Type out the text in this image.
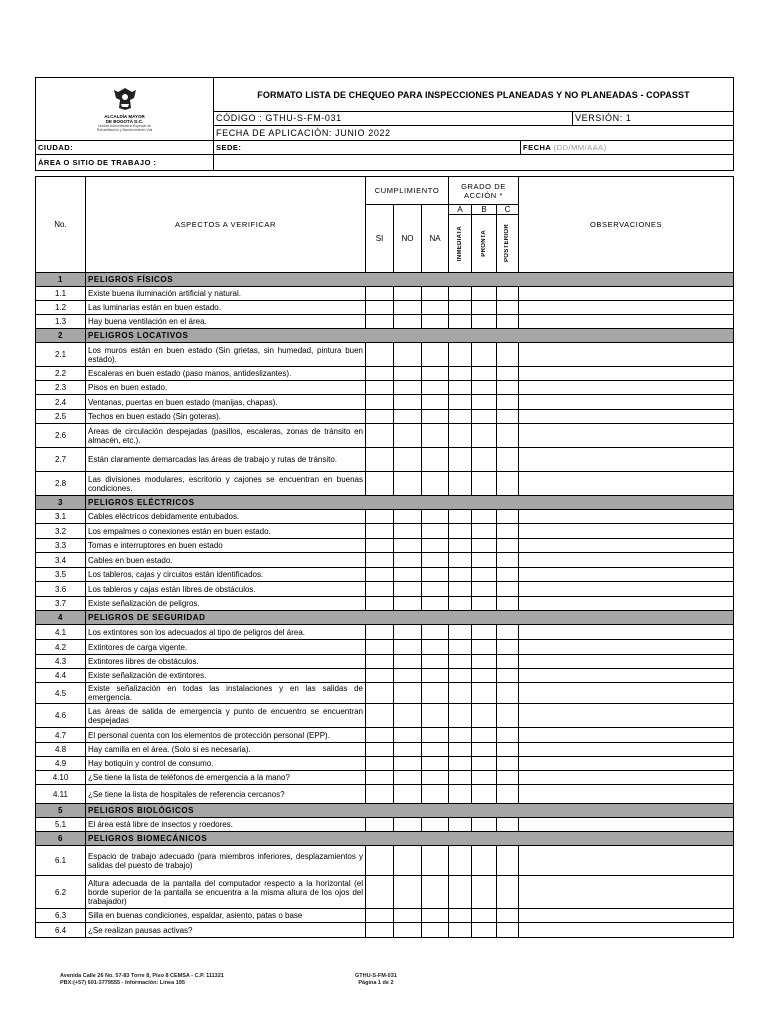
ALCALDÍA MAYOR
DE BOGOTÁ D.C.
Unidad Administrativa Especial de
Rehabilitación y Mantenimiento Vial	FORMATO LISTA DE CHEQUEO PARA INSPECCIONES PLANEADAS Y NO PLANEADAS - COPASST	
	CÓDIGO : GTHU-S-FM-031	VERSIÓN: 1
	FECHA DE APLICACIÓN: JUNIO 2022	
CIUDAD:	SEDE:	FECHA (DD/MM/AAA)
ÁREA O SITIO DE TRABAJO :		
No.	ASPECTOS A VERIFICAR	CUMPLIMIENTO			GRADO DE ACCIÓN *			OBSERVACIONES
		SI	NO	NA	A	B	C	

					INMEDIATA	PRONTA	POSTERIOR	

1	PELIGROS FÍSICOS							
1.1	Existe buena iluminación artificial y natural.							
1.2	Las luminarias están en buen estado.							
1.3	Hay buena ventilación en el área.							
2	PELIGROS LOCATIVOS							
2.1	Los muros están en buen estado (Sin grietas, sin humedad, pintura buen estado).							
2.2	Escaleras en buen estado (paso manos, antideslizantes).							
2.3	Pisos en buen estado.							
2.4	Ventanas, puertas en buen estado (manijas, chapas).							
2.5	Techos en buen estado (Sin goteras).							
2.6	Áreas de circulación despejadas (pasillos, escaleras, zonas de tránsito en almacén, etc.).							
2.7	Están claramente demarcadas las áreas de trabajo y rutas de tránsito.							
2.8	Las divisiones modulares, escritorio y cajones se encuentran en buenas condiciones.							
3	PELIGROS ELÉCTRICOS							
3.1	Cables eléctricos debidamente entubados.							
3.2	Los empalmes o conexiones están en buen estado.							
3.3	Tomas e interruptores en buen estado							
3.4	Cables en buen estado.							
3.5	Los tableros, cajas y circuitos están identificados.							
3.6	Los tableros y cajas están libres de obstáculos.							
3.7	Existe señalización de peligros.							
4	PELIGROS DE SEGURIDAD							
4.1	Los extintores son los adecuados al tipo de peligros del área.							
4.2	Extintores de carga vigente.							
4.3	Extintores libres de obstáculos.							
4.4	Existe señalización de extintores.							
4.5	Existe señalización en todas las instalaciones y en las salidas de emergencia.							
4.6	Las áreas de salida de emergencia y punto de encuentro se encuentran despejadas							
4.7	El personal cuenta con los elementos de protección personal (EPP).							
4.8	Hay camilla en el área. (Solo si es necesaria).							
4.9	Hay botiquín y control de consumo.							
4.10	¿Se tiene la lista de teléfonos de emergencia a la mano?							
4.11	¿Se tiene la lista de hospitales de referencia cercanos?							
5	PELIGROS BIOLÓGICOS							
5.1	El área está libre de insectos y roedores.							
6	PELIGROS BIOMECÁNICOS							
6.1	Espacio de trabajo adecuado (para miembros inferiores, desplazamientos y salidas del puesto de trabajo)							
6.2	Altura adecuada de la pantalla del computador respecto a la horizontal (el borde superior de la pantalla se encuentra a la misma altura de los ojos del trabajador)							
6.3	Silla en buenas condiciones, espaldar, asiento, patas o base							
6.4	¿Se realizan pausas activas?							
Avenida Calle 26 No. 57-83 Torre 8, Piso 8 CEMSA - C.P. 111321
PBX:(+57) 601-3779555 - Información: Línea 195
GTHU-S-FM-031
Página 1 de 2
